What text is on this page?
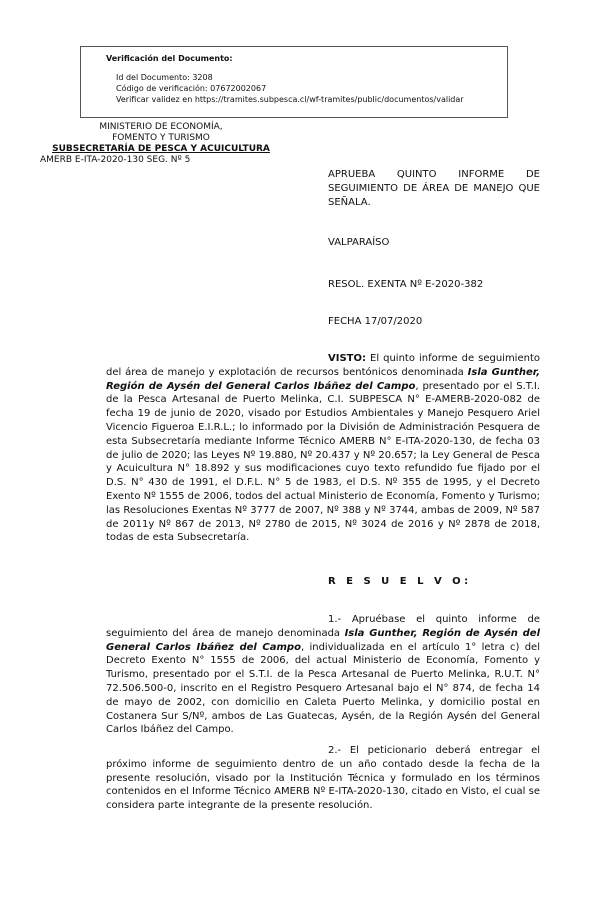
Verificación del Documento:
• Id del Documento: 3208
• Código de verificación: 07672002067
• Verificar validez en https://tramites.subpesca.cl/wf-tramites/public/documentos/validar
MINISTERIO DE ECONOMÍA,
FOMENTO Y TURISMO
SUBSECRETARÍA DE PESCA Y ACUICULTURA
AMERB E-ITA-2020-130 SEG. Nº 5
APRUEBA QUINTO INFORME DE SEGUIMIENTO DE ÁREA DE MANEJO QUE SEÑALA.
VALPARAÍSO
RESOL. EXENTA Nº E-2020-382
FECHA 17/07/2020
VISTO: El quinto informe de seguimiento del área de manejo y explotación de recursos bentónicos denominada Isla Gunther, Región de Aysén del General Carlos Ibáñez del Campo, presentado por el S.T.I. de la Pesca Artesanal de Puerto Melinka, C.I. SUBPESCA N° E-AMERB-2020-082 de fecha 19 de junio de 2020, visado por Estudios Ambientales y Manejo Pesquero Ariel Vicencio Figueroa E.I.R.L.; lo informado por la División de Administración Pesquera de esta Subsecretaría mediante Informe Técnico AMERB N° E-ITA-2020-130, de fecha 03 de julio de 2020; las Leyes Nº 19.880, Nº 20.437 y Nº 20.657; la Ley General de Pesca y Acuicultura N° 18.892 y sus modificaciones cuyo texto refundido fue fijado por el D.S. N° 430 de 1991, el D.F.L. N° 5 de 1983, el D.S. Nº 355 de 1995, y el Decreto Exento Nº 1555 de 2006, todos del actual Ministerio de Economía, Fomento y Turismo; las Resoluciones Exentas Nº 3777 de 2007, Nº 388 y Nº 3744, ambas de 2009, Nº 587 de 2011y Nº 867 de 2013, Nº 2780 de 2015, Nº 3024 de 2016 y Nº 2878 de 2018, todas de esta Subsecretaría.
R E S U E L V O:
1.- Apruébase el quinto informe de seguimiento del área de manejo denominada Isla Gunther, Región de Aysén del General Carlos Ibáñez del Campo, individualizada en el artículo 1° letra c) del Decreto Exento N° 1555 de 2006, del actual Ministerio de Economía, Fomento y Turismo, presentado por el S.T.I. de la Pesca Artesanal de Puerto Melinka, R.U.T. N° 72.506.500-0, inscrito en el Registro Pesquero Artesanal bajo el N° 874, de fecha 14 de mayo de 2002, con domicilio en Caleta Puerto Melinka, y domicilio postal en Costanera Sur S/Nº, ambos de Las Guatecas, Aysén, de la Región Aysén del General Carlos Ibáñez del Campo.
2.- El peticionario deberá entregar el próximo informe de seguimiento dentro de un año contado desde la fecha de la presente resolución, visado por la Institución Técnica y formulado en los términos contenidos en el Informe Técnico AMERB Nº E-ITA-2020-130, citado en Visto, el cual se considera parte integrante de la presente resolución.
